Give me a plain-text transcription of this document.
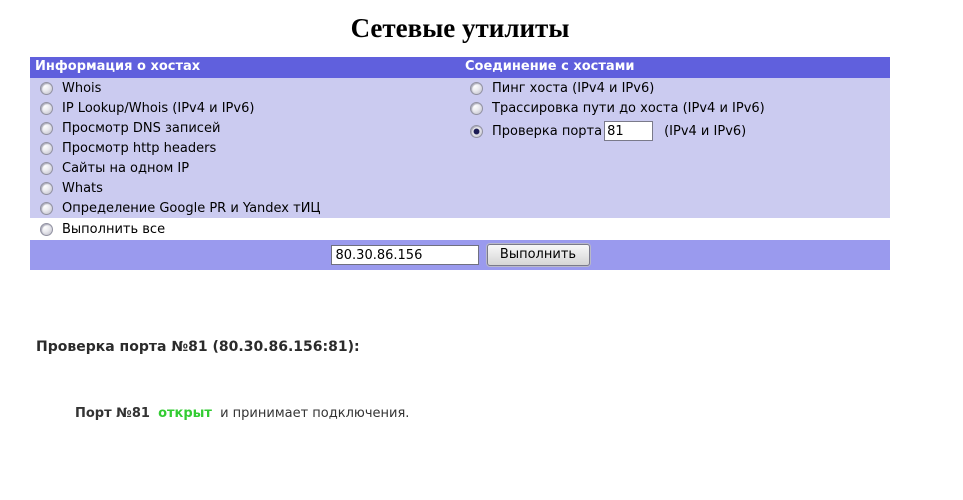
Сетевые утилиты
Информация о хостах	Соединение с хостами
Whois
IP Lookup/Whois (IPv4 и IPv6)
Просмотр DNS записей
Просмотр http headers
Сайты на одном IP
Whats
Определение Google PR и Yandex тИЦ
Пинг хоста (IPv4 и IPv6)
Трассировка пути до хоста (IPv4 и IPv6)
Проверка порта
81	(IPv4 и IPv6)
Выполнить все
80.30.86.156
Выполнить
Проверка порта №81 (80.30.86.156:81):
Порт №81 открыт и принимает подключения.
